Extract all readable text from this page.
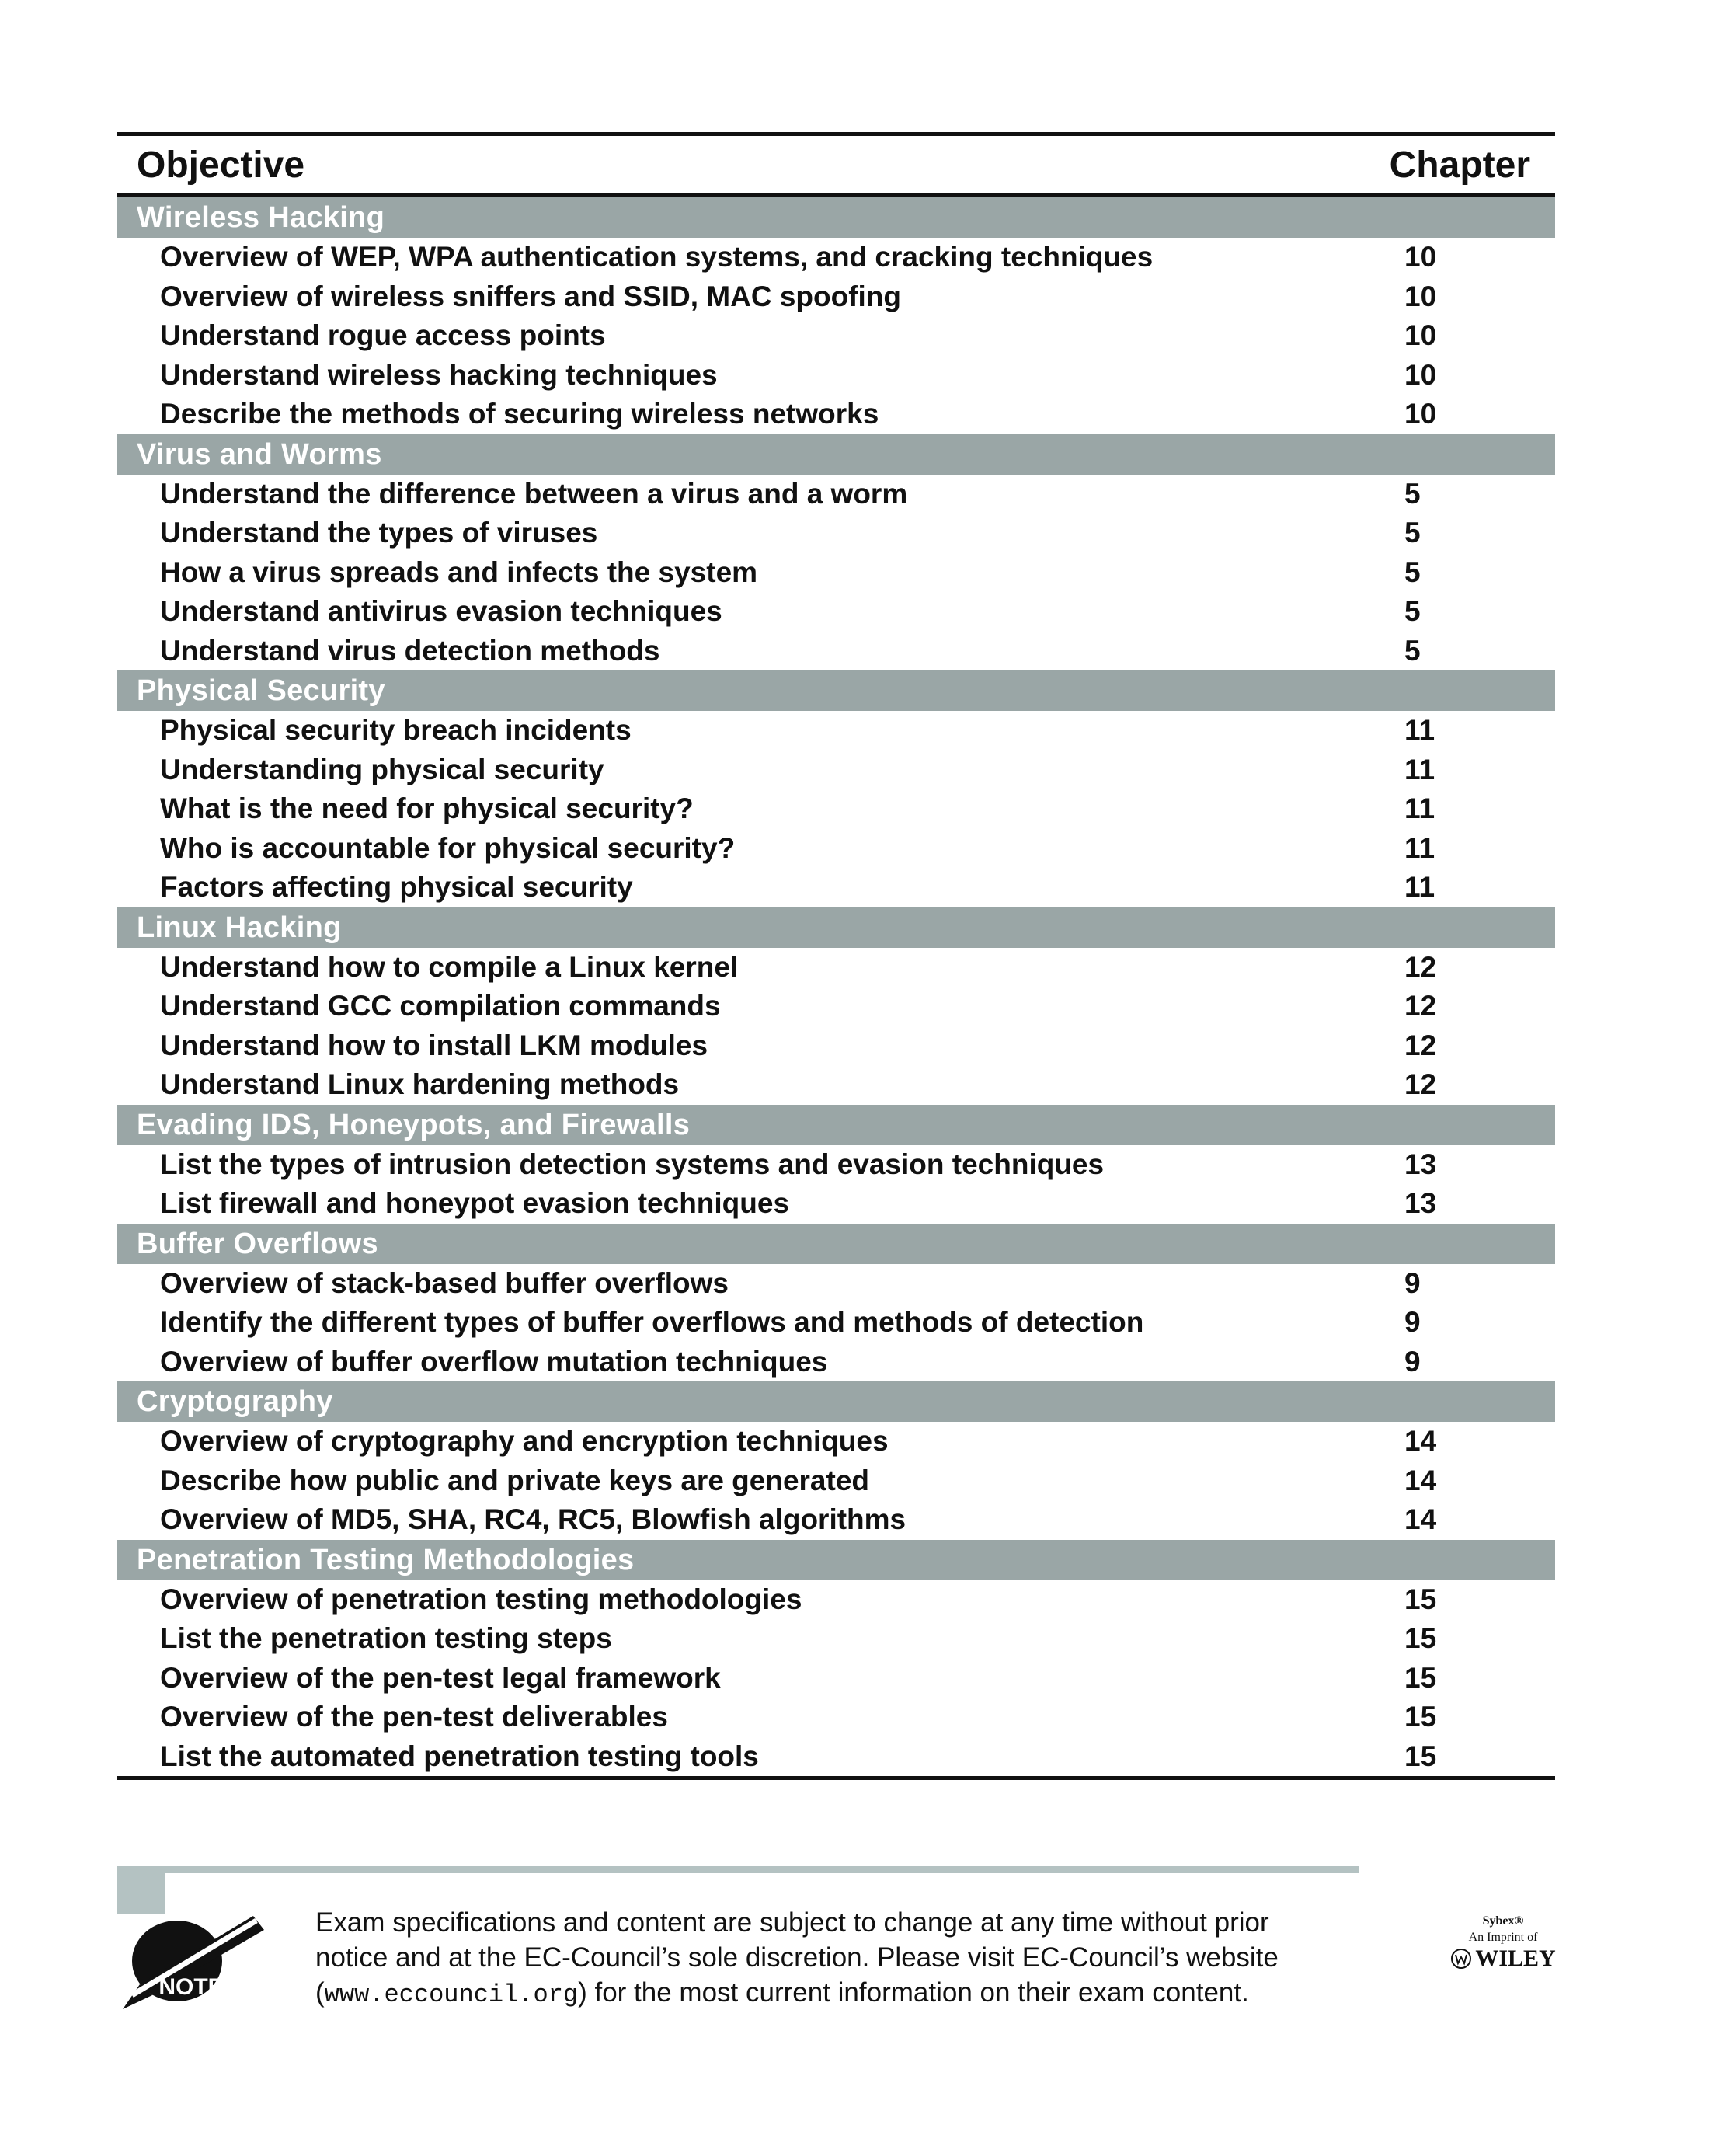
Objective	Chapter
Wireless Hacking
Overview of WEP, WPA authentication systems, and cracking techniques	10
Overview of wireless sniffers and SSID, MAC spoofing	10
Understand rogue access points	10
Understand wireless hacking techniques	10
Describe the methods of securing wireless networks	10
Virus and Worms
Understand the difference between a virus and a worm	5
Understand the types of viruses	5
How a virus spreads and infects the system	5
Understand antivirus evasion techniques	5
Understand virus detection methods	5
Physical Security
Physical security breach incidents	11
Understanding physical security	11
What is the need for physical security?	11
Who is accountable for physical security?	11
Factors affecting physical security	11
Linux Hacking
Understand how to compile a Linux kernel	12
Understand GCC compilation commands	12
Understand how to install LKM modules	12
Understand Linux hardening methods	12
Evading IDS, Honeypots, and Firewalls
List the types of intrusion detection systems and evasion techniques	13
List firewall and honeypot evasion techniques	13
Buffer Overflows
Overview of stack-based buffer overflows	9
Identify the different types of buffer overflows and methods of detection	9
Overview of buffer overflow mutation techniques	9
Cryptography
Overview of cryptography and encryption techniques	14
Describe how public and private keys are generated	14
Overview of MD5, SHA, RC4, RC5, Blowfish algorithms	14
Penetration Testing Methodologies
Overview of penetration testing methodologies	15
List the penetration testing steps	15
Overview of the pen-test legal framework	15
Overview of the pen-test deliverables	15
List the automated penetration testing tools	15
NOTE
Exam specifications and content are subject to change at any time without prior
notice and at the EC-Council’s sole discretion. Please visit EC-Council’s website
(www.eccouncil.org) for the most current information on their exam content.
Sybex®
An Imprint of
WILEY
